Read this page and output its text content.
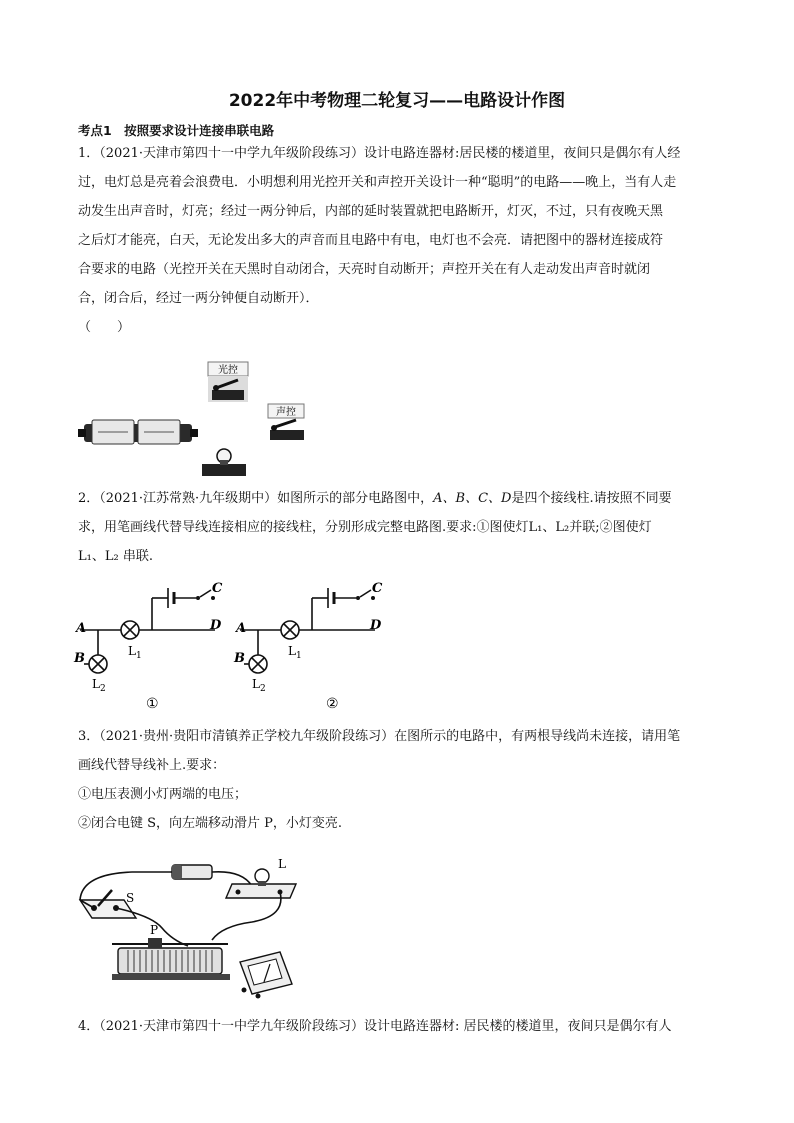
2022年中考物理二轮复习——电路设计作图
考点1 按照要求设计连接串联电路
1．（2021·天津市第四十一中学九年级阶段练习）设计电路连器材:居民楼的楼道里，夜间只是偶尔有人经
过，电灯总是亮着会浪费电．小明想利用光控开关和声控开关设计一种“聪明”的电路——晚上，当有人走
动发生出声音时，灯亮；经过一两分钟后，内部的延时装置就把电路断开，灯灭，不过，只有夜晚天黑
之后灯才能亮，白天，无论发出多大的声音而且电路中有电，电灯也不会亮．请把图中的器材连接成符
合要求的电路（光控开关在天黑时自动闭合，天亮时自动断开；声控开关在有人走动发出声音时就闭
合，闭合后，经过一两分钟便自动断开）．
（　　）
光控
声控
2．（2021·江苏常熟·九年级期中）如图所示的部分电路图中，A、B、C、D是四个接线柱.请按照不同要
求，用笔画线代替导线连接相应的接线柱，分别形成完整电路图.要求:①图使灯L₁、L₂并联;②图使灯
L₁、L₂ 串联.
A
B
C
D
$L_1$
$L_2$
①
A
B
C
D
$L_1$
$L_2$
②
3．（2021·贵州·贵阳市清镇养正学校九年级阶段练习）在图所示的电路中，有两根导线尚未连接，请用笔
画线代替导线补上.要求：
①电压表测小灯两端的电压；
②闭合电键 S，向左端移动滑片 P，小灯变亮.
S
L
P
4．（2021·天津市第四十一中学九年级阶段练习）设计电路连器材: 居民楼的楼道里，夜间只是偶尔有人
